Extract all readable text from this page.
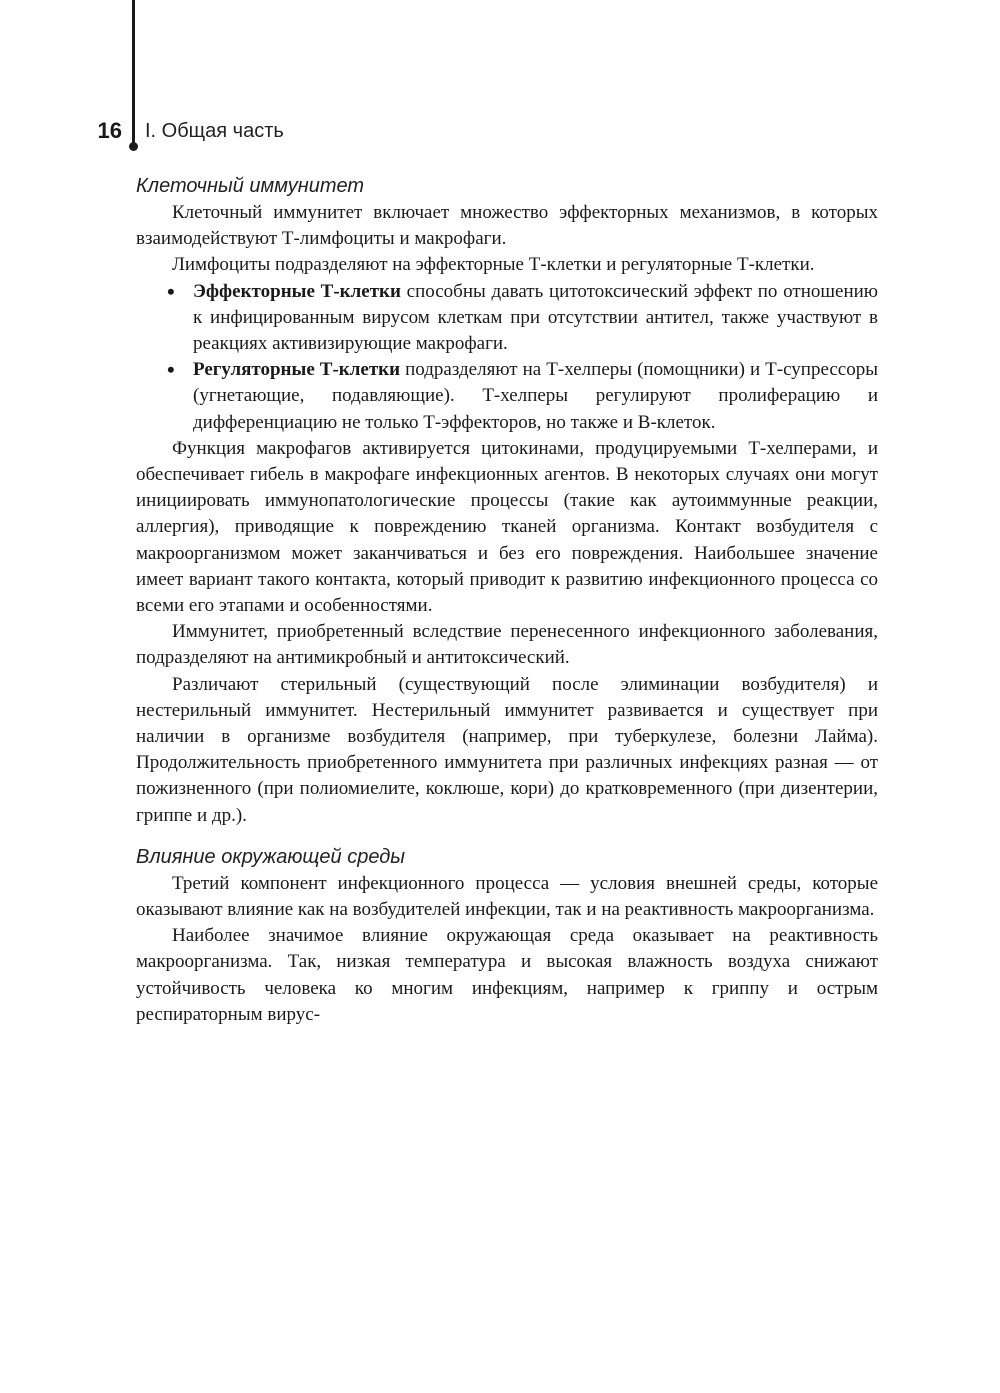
16 I. Общая часть
Клеточный иммунитет

Клеточный иммунитет включает множество эффекторных механизмов, в которых взаимодействуют Т-лимфоциты и макрофаги.

Лимфоциты подразделяют на эффекторные Т-клетки и регуляторные Т-клетки.

• Эффекторные Т-клетки способны давать цитотоксический эффект по отношению к инфицированным вирусом клеткам при отсутствии антител, также участвуют в реакциях активизирующие макрофаги.
• Регуляторные Т-клетки подразделяют на Т-хелперы (помощники) и Т-супрессоры (угнетающие, подавляющие). Т-хелперы регулируют пролиферацию и дифференциацию не только Т-эффекторов, но также и В-клеток.

Функция макрофагов активируется цитокинами, продуцируемыми Т-хелперами, и обеспечивает гибель в макрофаге инфекционных агентов. В некоторых случаях они могут инициировать иммунопатологические процессы (такие как аутоиммунные реакции, аллергия), приводящие к повреждению тканей организма. Контакт возбудителя с макроорганизмом может заканчиваться и без его повреждения. Наибольшее значение имеет вариант такого контакта, который приводит к развитию инфекционного процесса со всеми его этапами и особенностями.

Иммунитет, приобретенный вследствие перенесенного инфекционного заболевания, подразделяют на антимикробный и антитоксический.

Различают стерильный (существующий после элиминации возбудителя) и нестерильный иммунитет. Нестерильный иммунитет развивается и существует при наличии в организме возбудителя (например, при туберкулезе, болезни Лайма). Продолжительность приобретенного иммунитета при различных инфекциях разная — от пожизненного (при полиомиелите, коклюше, кори) до кратковременного (при дизентерии, гриппе и др.).

Влияние окружающей среды

Третий компонент инфекционного процесса — условия внешней среды, которые оказывают влияние как на возбудителей инфекции, так и на реактивность макроорганизма.

Наиболее значимое влияние окружающая среда оказывает на реактивность макроорганизма. Так, низкая температура и высокая влажность воздуха снижают устойчивость человека ко многим инфекциям, например к гриппу и острым респираторным вирус-
